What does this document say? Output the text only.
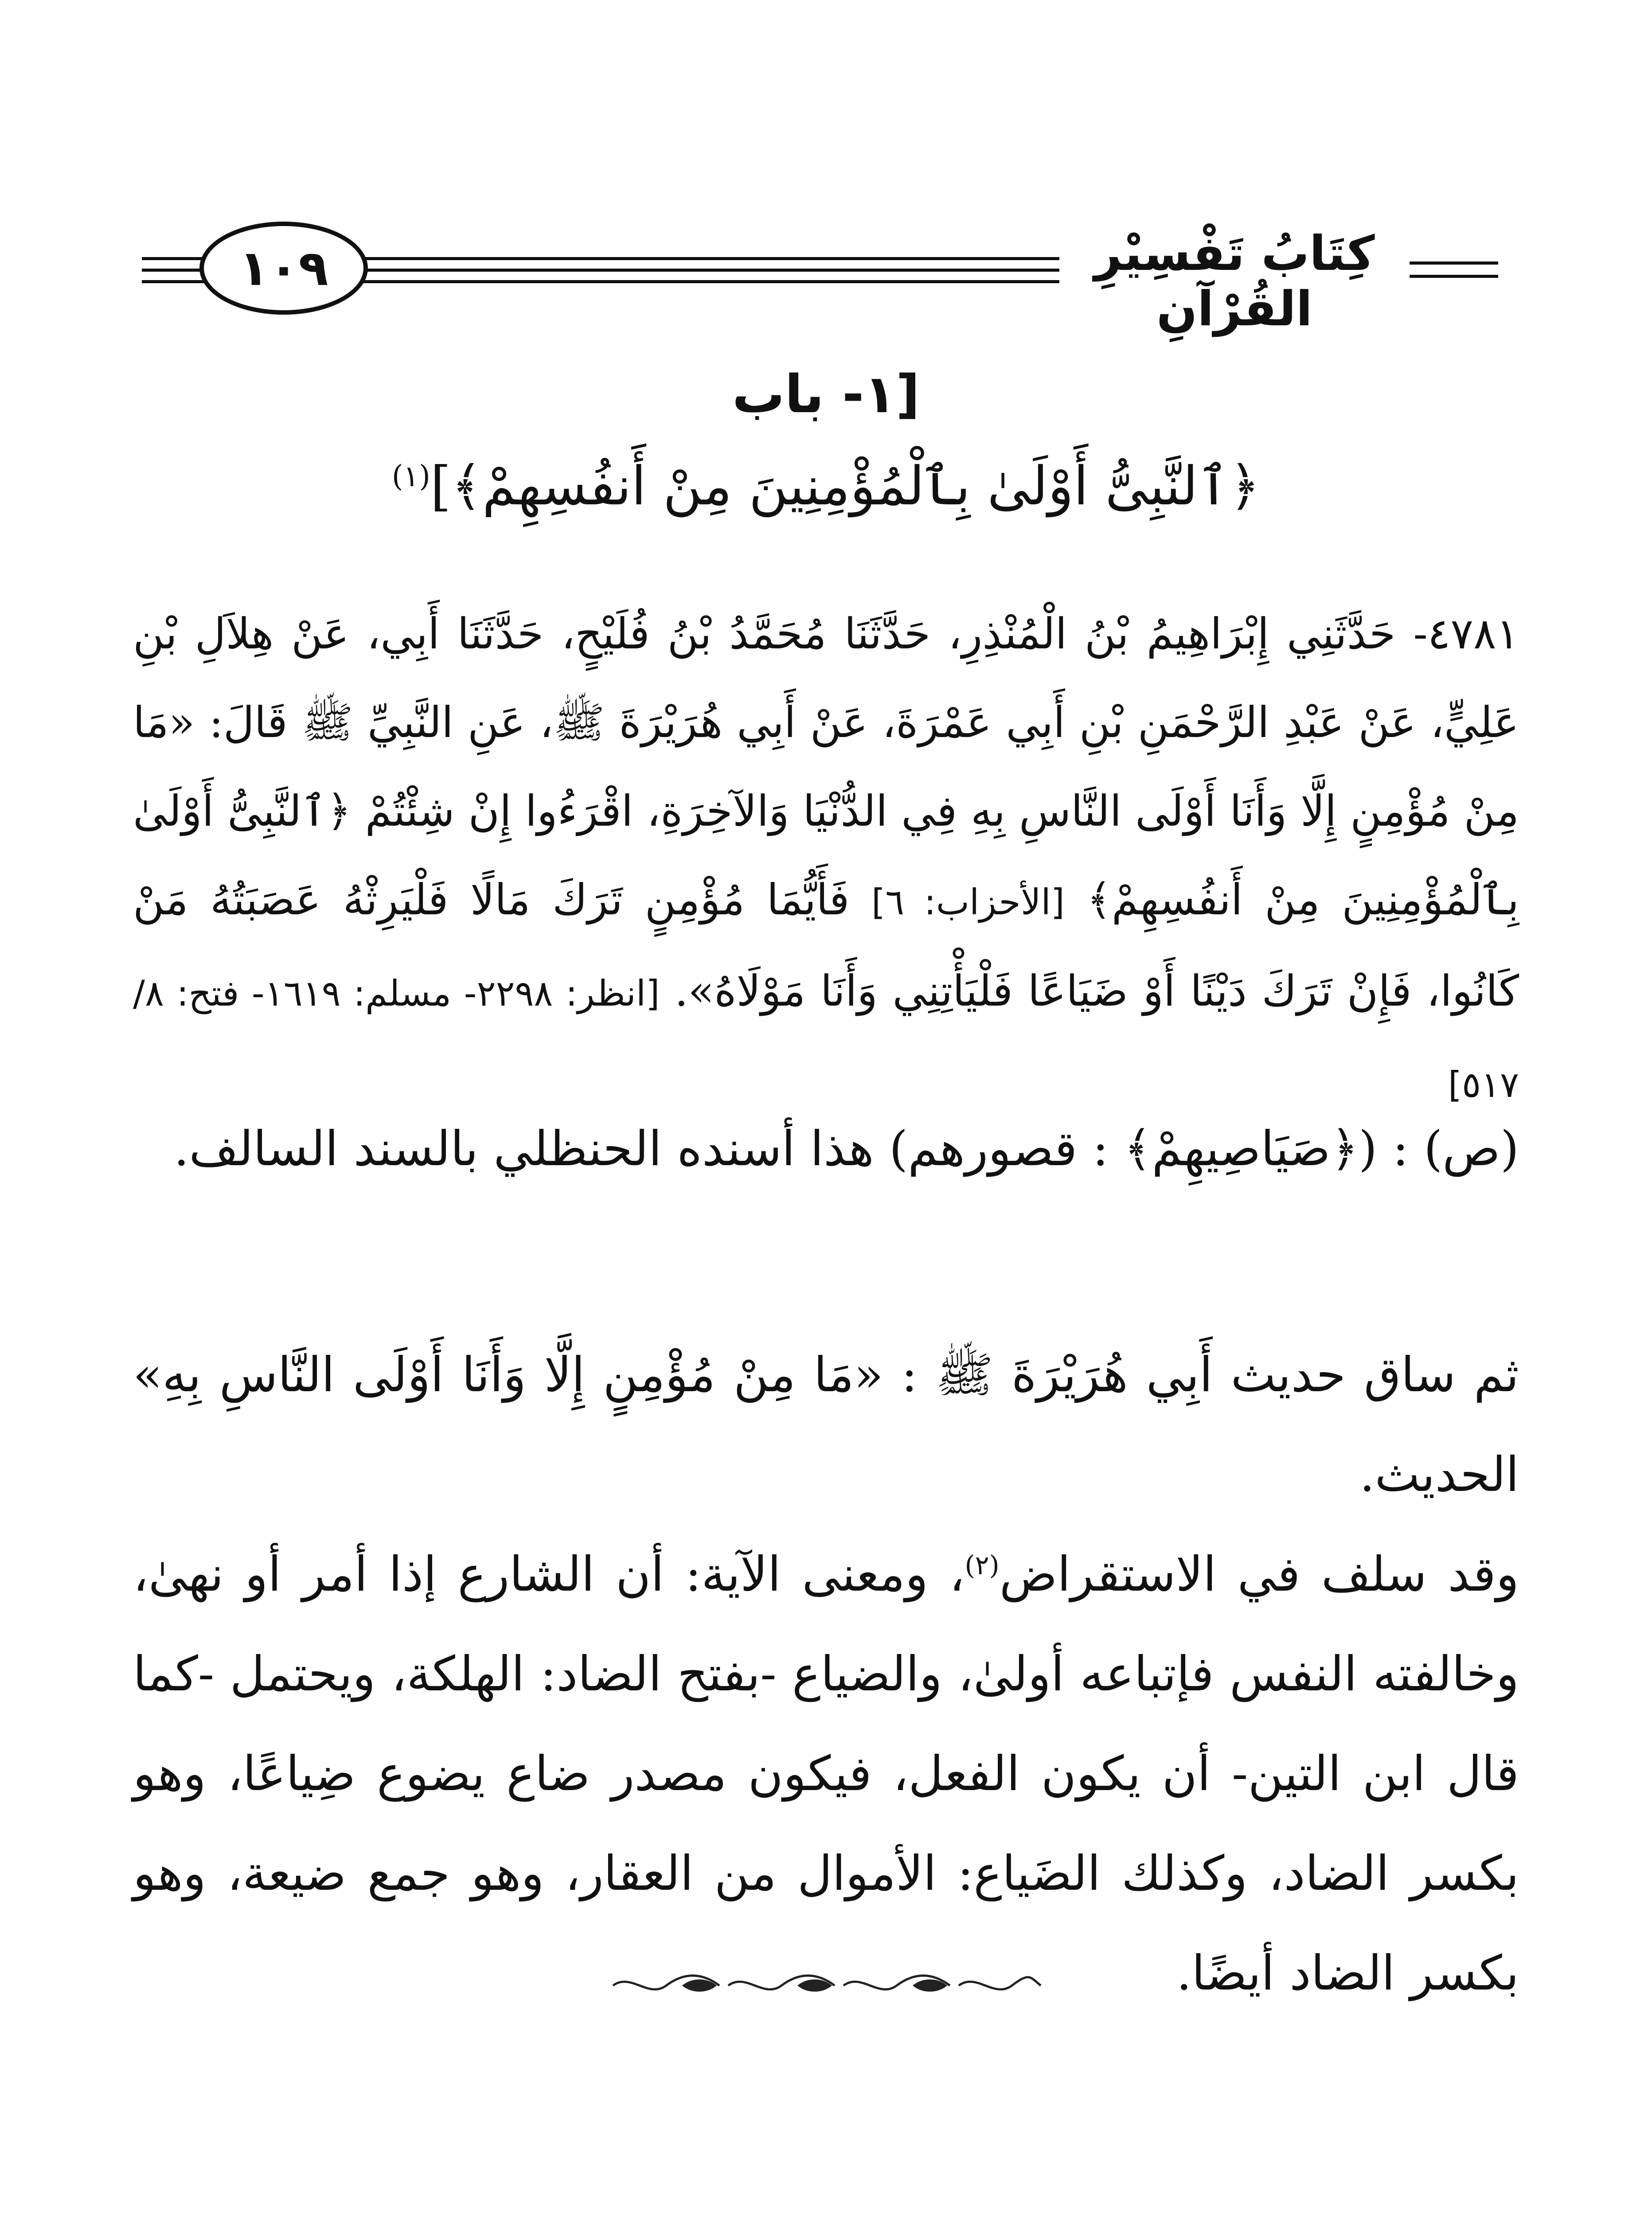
١٠٩	كِتَابُ تَفْسِيْرِ القُرْآنِ
[١- باب
﴿ٱلنَّبِىُّ أَوْلَىٰ بِٱلْمُؤْمِنِينَ مِنْ أَنفُسِهِمْ﴾]$^{(١)}$
٤٧٨١- حَدَّثَنِي إِبْرَاهِيمُ بْنُ الْمُنْذِرِ، حَدَّثَنَا مُحَمَّدُ بْنُ فُلَيْحٍ، حَدَّثَنَا أَبِي، عَنْ هِلاَلِ بْنِ عَلِيٍّ، عَنْ عَبْدِ الرَّحْمَنِ بْنِ أَبِي عَمْرَةَ، عَنْ أَبِي هُرَيْرَةَ ﷺ، عَنِ النَّبِيِّ ﷺ قَالَ: «مَا مِنْ مُؤْمِنٍ إِلَّا وَأَنَا أَوْلَى النَّاسِ بِهِ فِي الدُّنْيَا وَالآخِرَةِ، اقْرَءُوا إِنْ شِئْتُمْ ﴿ٱلنَّبِىُّ أَوْلَىٰ بِٱلْمُؤْمِنِينَ مِنْ أَنفُسِهِمْ﴾ [الأحزاب: ٦] فَأَيُّمَا مُؤْمِنٍ تَرَكَ مَالًا فَلْيَرِثْهُ عَصَبَتُهُ مَنْ كَانُوا، فَإِنْ تَرَكَ دَيْنًا أَوْ ضَيَاعًا فَلْيَأْتِنِي وَأَنَا مَوْلَاهُ». [انظر: ٢٢٩٨- مسلم: ١٦١٩- فتح: ٨/ ٥١٧]
(ص) : (﴿صَيَاصِيهِمْ﴾ : قصورهم) هذا أسنده الحنظلي بالسند السالف.
ثم ساق حديث أَبِي هُرَيْرَةَ ﷺ : «مَا مِنْ مُؤْمِنٍ إِلَّا وَأَنَا أَوْلَى النَّاسِ بِهِ» الحديث.
وقد سلف في الاستقراض$^{(٢)}$، ومعنى الآية: أن الشارع إذا أمر أو نهىٰ، وخالفته النفس فإتباعه أولىٰ، والضياع -بفتح الضاد: الهلكة، ويحتمل -كما قال ابن التين- أن يكون الفعل، فيكون مصدر ضاع يضوع ضِياعًا، وهو بكسر الضاد، وكذلك الضَياع: الأموال من العقار، وهو جمع ضيعة، وهو بكسر الضاد أيضًا.
